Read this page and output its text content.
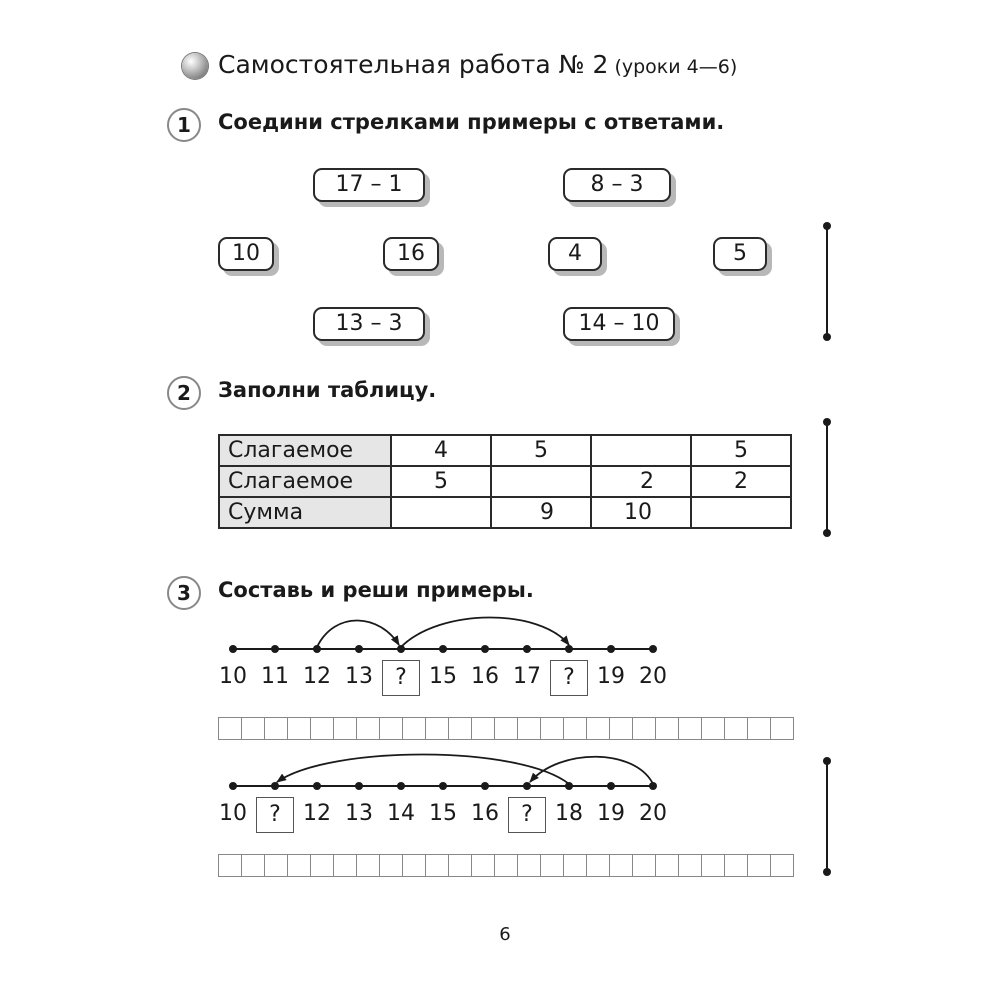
Самостоятельная работа № 2 (уроки 4—6)
1	Соедини стрелками примеры с ответами.
17 – 1	8 – 3
10	16	4	5
13 – 3	14 – 10
2	Заполни таблицу.
Слагаемое	4	5		5
Слагаемое	5		2	2
Сумма		9	10	
3	Составь и реши примеры.
10 11 12 13	?	15 16 17	?	19 20
10	?	12 13 14 15 16	?	18 19 20
6
